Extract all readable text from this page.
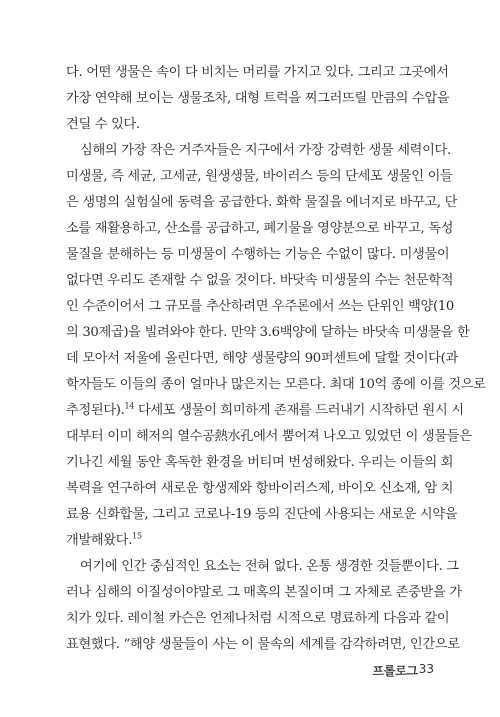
다. 어떤 생물은 속이 다 비치는 머리를 가지고 있다. 그리고 그곳에서
가장 연약해 보이는 생물조차, 대형 트럭을 찌그러뜨릴 만큼의 수압을
견딜 수 있다.
심해의 가장 작은 거주자들은 지구에서 가장 강력한 생물 세력이다.
미생물, 즉 세균, 고세균, 원생생물, 바이러스 등의 단세포 생물인 이들
은 생명의 실험실에 동력을 공급한다. 화학 물질을 에너지로 바꾸고, 단
소를 재활용하고, 산소를 공급하고, 폐기물을 영양분으로 바꾸고, 독성
물질을 분해하는 등 미생물이 수행하는 기능은 수없이 많다. 미생물이
없다면 우리도 존재할 수 없을 것이다. 바닷속 미생물의 수는 천문학적
인 수준이어서 그 규모를 추산하려면 우주론에서 쓰는 단위인 백양(10
의 30제곱)을 빌려와야 한다. 만약 3.6백양에 달하는 바닷속 미생물을 한
데 모아서 저울에 올린다면, 해양 생물량의 90퍼센트에 달할 것이다(과
학자들도 이들의 종이 얼마나 많은지는 모른다. 최대 10억 종에 이를 것으로
추정된다).$^{14}$ 다세포 생물이 희미하게 존재를 드러내기 시작하던 원시 시
대부터 이미 해저의 열수공熱水孔에서 뿜어져 나오고 있었던 이 생물들은
기나긴 세월 동안 혹독한 환경을 버티며 번성해왔다. 우리는 이들의 회
복력을 연구하여 새로운 항생제와 항바이러스제, 바이오 신소재, 암 치
료용 신화합물, 그리고 코로나-19 등의 진단에 사용되는 새로운 시약을
개발해왔다.$^{15}$
여기에 인간 중심적인 요소는 전혀 없다. 온통 생경한 것들뿐이다. 그
러나 심해의 이질성이야말로 그 매혹의 본질이며 그 자체로 존중받을 가
치가 있다. 레이철 카슨은 언제나처럼 시적으로 명료하게 다음과 같이
표현했다. “해양 생물들이 사는 이 물속의 세계를 감각하려면, 인간으로
프롤로그 33
